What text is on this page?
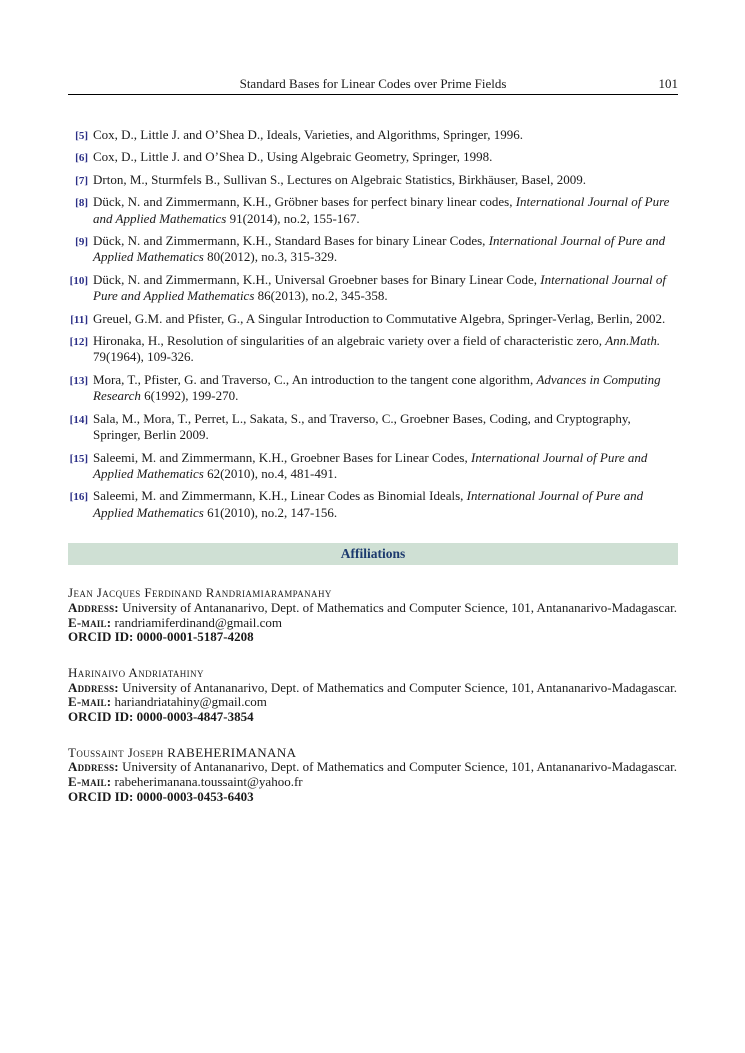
Standard Bases for Linear Codes over Prime Fields	101
[5] Cox, D., Little J. and O’Shea D., Ideals, Varieties, and Algorithms, Springer, 1996.
[6] Cox, D., Little J. and O’Shea D., Using Algebraic Geometry, Springer, 1998.
[7] Drton, M., Sturmfels B., Sullivan S., Lectures on Algebraic Statistics, Birkhäuser, Basel, 2009.
[8] Dück, N. and Zimmermann, K.H., Gröbner bases for perfect binary linear codes, International Journal of Pure and Applied Mathematics 91(2014), no.2, 155-167.
[9] Dück, N. and Zimmermann, K.H., Standard Bases for binary Linear Codes, International Journal of Pure and Applied Mathematics 80(2012), no.3, 315-329.
[10] Dück, N. and Zimmermann, K.H., Universal Groebner bases for Binary Linear Code, International Journal of Pure and Applied Mathematics 86(2013), no.2, 345-358.
[11] Greuel, G.M. and Pfister, G., A Singular Introduction to Commutative Algebra, Springer-Verlag, Berlin, 2002.
[12] Hironaka, H., Resolution of singularities of an algebraic variety over a field of characteristic zero, Ann.Math. 79(1964), 109-326.
[13] Mora, T., Pfister, G. and Traverso, C., An introduction to the tangent cone algorithm, Advances in Computing Research 6(1992), 199-270.
[14] Sala, M., Mora, T., Perret, L., Sakata, S., and Traverso, C., Groebner Bases, Coding, and Cryptography, Springer, Berlin 2009.
[15] Saleemi, M. and Zimmermann, K.H., Groebner Bases for Linear Codes, International Journal of Pure and Applied Mathematics 62(2010), no.4, 481-491.
[16] Saleemi, M. and Zimmermann, K.H., Linear Codes as Binomial Ideals, International Journal of Pure and Applied Mathematics 61(2010), no.2, 147-156.
Affiliations
Jean Jacques Ferdinand Randriamiarampanahy
Address: University of Antananarivo, Dept. of Mathematics and Computer Science, 101, Antananarivo-Madagascar.
E-mail: randriamiferdinand@gmail.com
ORCID ID: 0000-0001-5187-4208
Harinaivo Andriatahiny
Address: University of Antananarivo, Dept. of Mathematics and Computer Science, 101, Antananarivo-Madagascar.
E-mail: hariandriatahiny@gmail.com
ORCID ID: 0000-0003-4847-3854
Toussaint Joseph RABEHERIMANANA
Address: University of Antananarivo, Dept. of Mathematics and Computer Science, 101, Antananarivo-Madagascar.
E-mail: rabeherimanana.toussaint@yahoo.fr
ORCID ID: 0000-0003-0453-6403
